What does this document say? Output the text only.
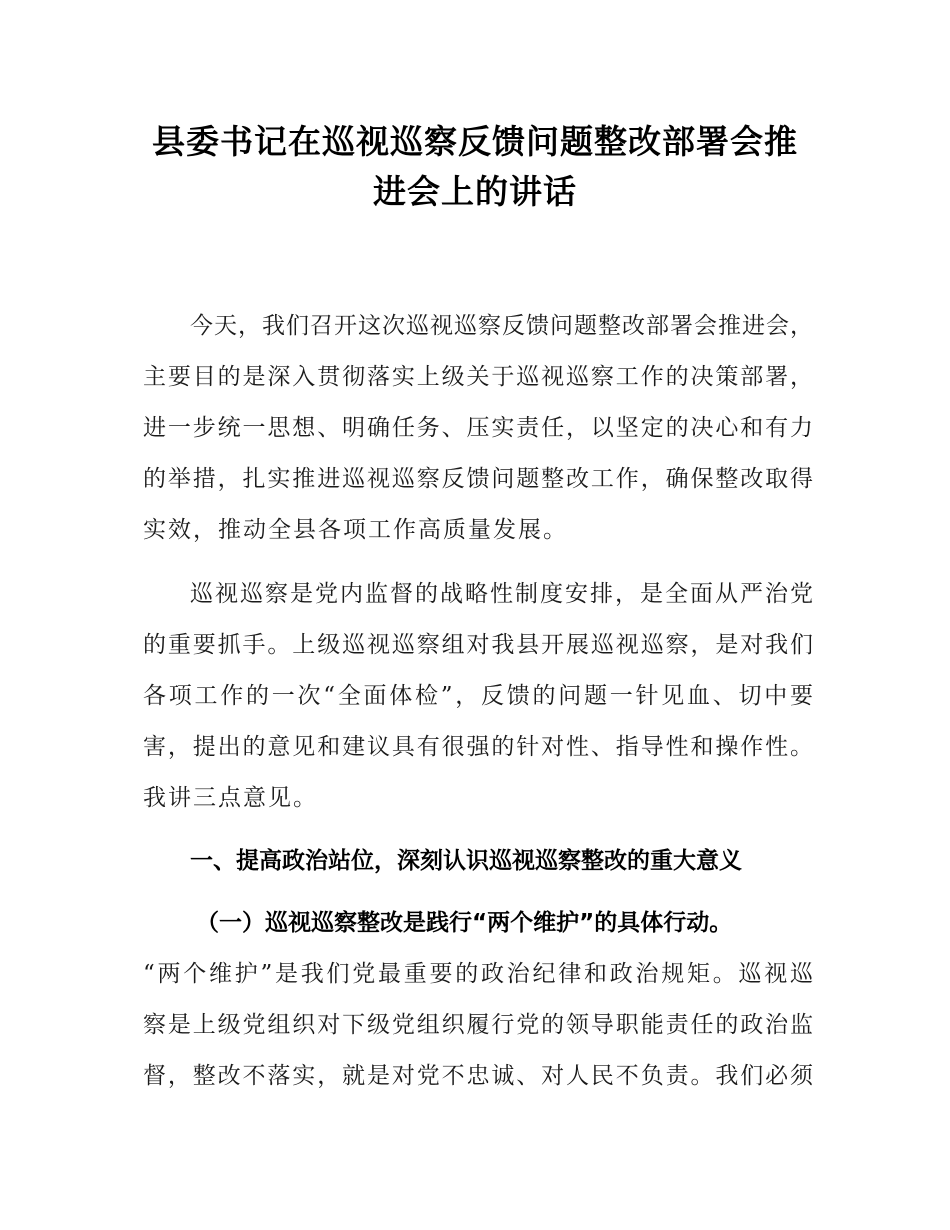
县委书记在巡视巡察反馈问题整改部署会推
进会上的讲话

今天，我们召开这次巡视巡察反馈问题整改部署会推进会，

主要目的是深入贯彻落实上级关于巡视巡察工作的决策部署，

进一步统一思想、明确任务、压实责任，以坚定的决心和有力

的举措，扎实推进巡视巡察反馈问题整改工作，确保整改取得

实效，推动全县各项工作高质量发展。

巡视巡察是党内监督的战略性制度安排，是全面从严治党

的重要抓手。上级巡视巡察组对我县开展巡视巡察，是对我们

各项工作的一次“全面体检”，反馈的问题一针见血、切中要

害，提出的意见和建议具有很强的针对性、指导性和操作性。

我讲三点意见。

一、提高政治站位，深刻认识巡视巡察整改的重大意义

（一）巡视巡察整改是践行“两个维护”的具体行动。

“两个维护”是我们党最重要的政治纪律和政治规矩。巡视巡

察是上级党组织对下级党组织履行党的领导职能责任的政治监

督，整改不落实，就是对党不忠诚、对人民不负责。我们必须
